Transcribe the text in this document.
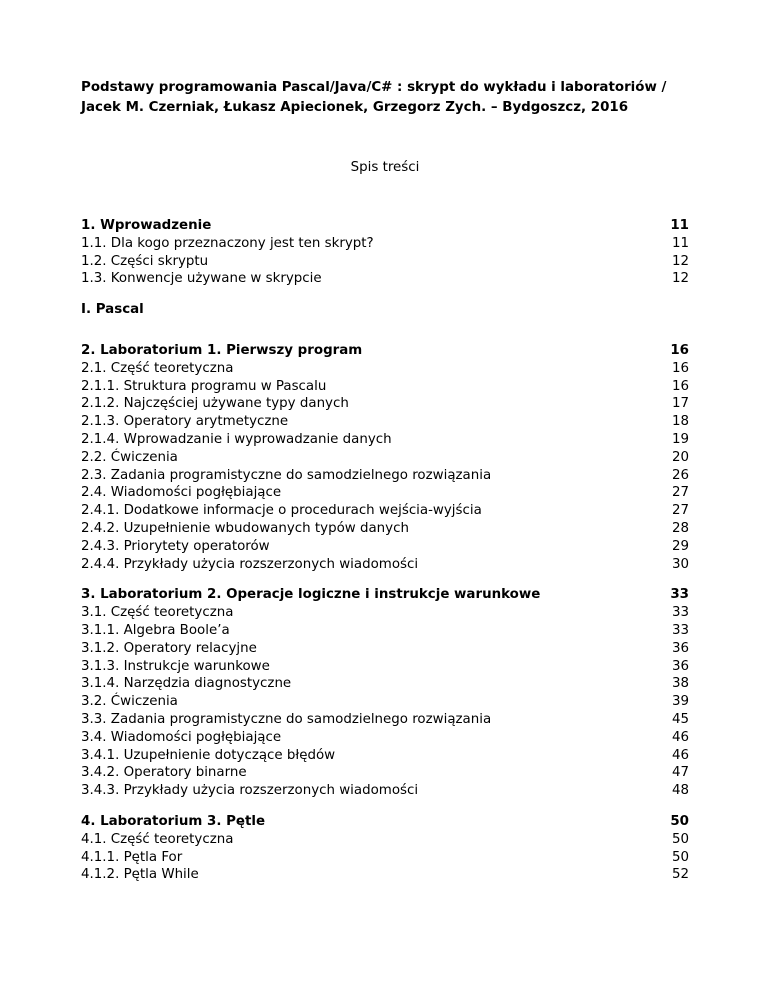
Podstawy programowania Pascal/Java/C# : skrypt do wykładu i laboratoriów / Jacek M. Czerniak, Łukasz Apiecionek, Grzegorz Zych. – Bydgoszcz, 2016

Spis treści
1. Wprowadzenie	11
1.1. Dla kogo przeznaczony jest ten skrypt?	11
1.2. Części skryptu	12
1.3. Konwencje używane w skrypcie	12
I. Pascal
2. Laboratorium 1. Pierwszy program	16
2.1. Część teoretyczna	16
2.1.1. Struktura programu w Pascalu	16
2.1.2. Najczęściej używane typy danych	17
2.1.3. Operatory arytmetyczne	18
2.1.4. Wprowadzanie i wyprowadzanie danych	19
2.2. Ćwiczenia	20
2.3. Zadania programistyczne do samodzielnego rozwiązania	26
2.4. Wiadomości pogłębiające	27
2.4.1. Dodatkowe informacje o procedurach wejścia-wyjścia	27
2.4.2. Uzupełnienie wbudowanych typów danych	28
2.4.3. Priorytety operatorów	29
2.4.4. Przykłady użycia rozszerzonych wiadomości	30
3. Laboratorium 2. Operacje logiczne i instrukcje warunkowe	33
3.1. Część teoretyczna	33
3.1.1. Algebra Boole’a	33
3.1.2. Operatory relacyjne	36
3.1.3. Instrukcje warunkowe	36
3.1.4. Narzędzia diagnostyczne	38
3.2. Ćwiczenia	39
3.3. Zadania programistyczne do samodzielnego rozwiązania	45
3.4. Wiadomości pogłębiające	46
3.4.1. Uzupełnienie dotyczące błędów	46
3.4.2. Operatory binarne	47
3.4.3. Przykłady użycia rozszerzonych wiadomości	48
4. Laboratorium 3. Pętle	50
4.1. Część teoretyczna	50
4.1.1. Pętla For	50
4.1.2. Pętla While	52
